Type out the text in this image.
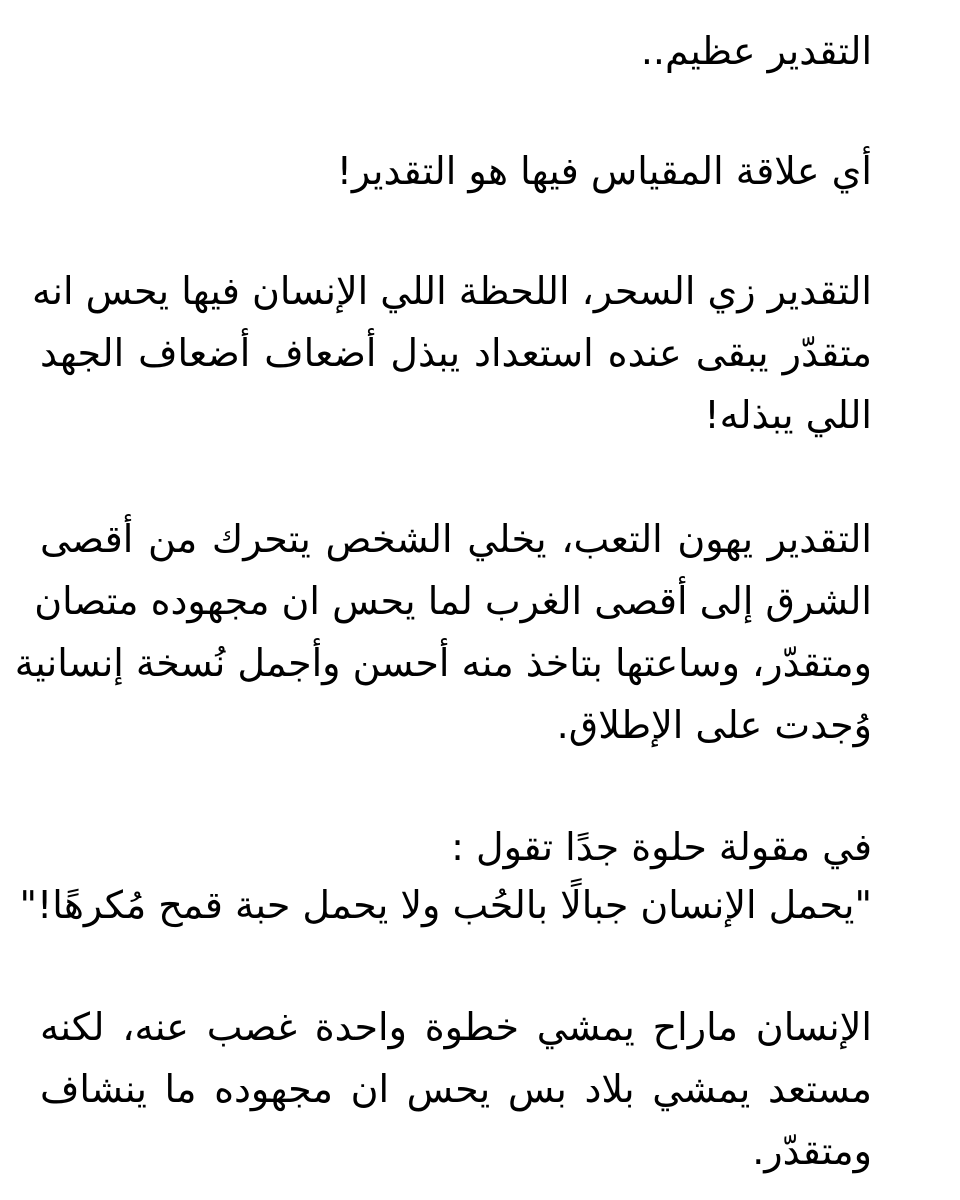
التقدير عظيم..
أي علاقة المقياس فيها هو التقدير!
التقدير زي السحر، اللحظة اللي الإنسان فيها يحس انه
متقدّر يبقى عنده استعداد يبذل أضعاف أضعاف الجهد
اللي يبذله!
التقدير يهون التعب، يخلي الشخص يتحرك من أقصى
الشرق إلى أقصى الغرب لما يحس ان مجهوده متصان
ومتقدّر، وساعتها بتاخذ منه أحسن وأجمل نُسخة إنسانية
وُجدت على الإطلاق.
في مقولة حلوة جدًا تقول :
"يحمل الإنسان جبالًا بالحُب ولا يحمل حبة قمح مُكرهًا!"
الإنسان ماراح يمشي خطوة واحدة غصب عنه، لكنه
مستعد يمشي بلاد بس يحس ان مجهوده ما ينشاف
ومتقدّر.
